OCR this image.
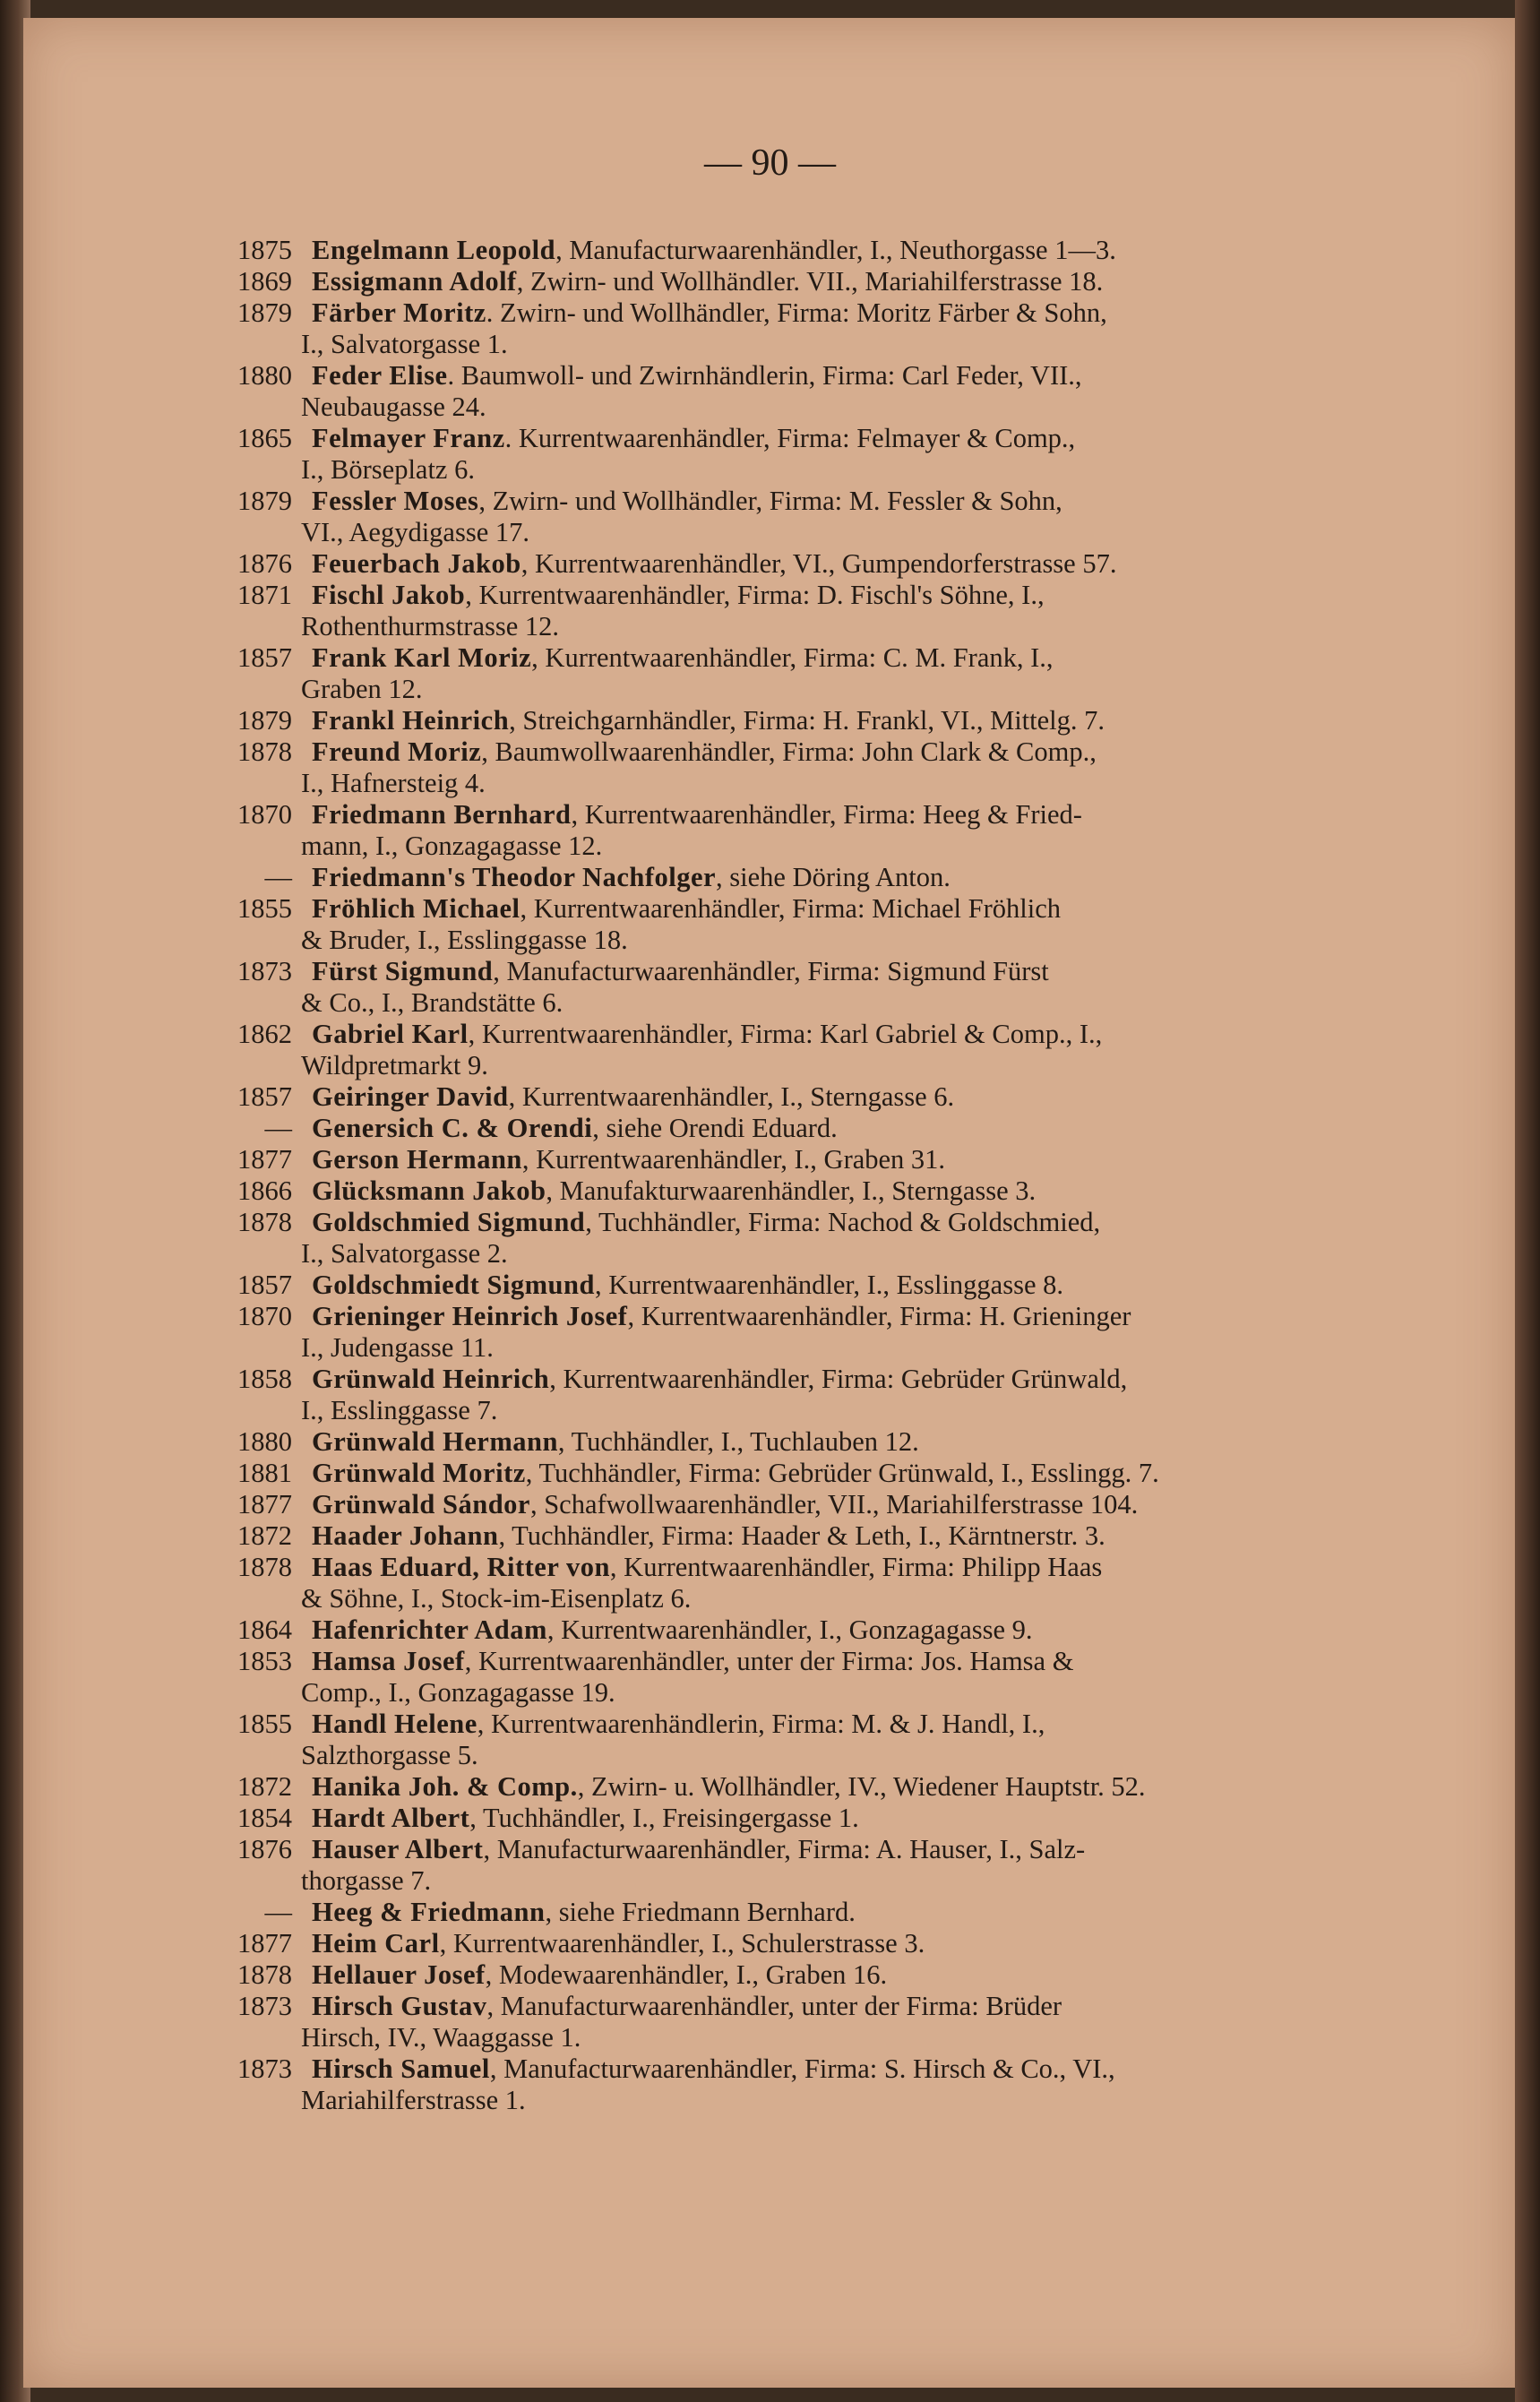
— 90 —
1875 Engelmann Leopold, Manufacturwaarenhändler, I., Neuthorgasse 1—3.
1869 Essigmann Adolf, Zwirn- und Wollhändler. VII., Mariahilferstrasse 18.
1879 Färber Moritz. Zwirn- und Wollhändler, Firma: Moritz Färber & Sohn,
I., Salvatorgasse 1.
1880 Feder Elise. Baumwoll- und Zwirnhändlerin, Firma: Carl Feder, VII.,
Neubaugasse 24.
1865 Felmayer Franz. Kurrentwaarenhändler, Firma: Felmayer & Comp.,
I., Börseplatz 6.
1879 Fessler Moses, Zwirn- und Wollhändler, Firma: M. Fessler & Sohn,
VI., Aegydigasse 17.
1876 Feuerbach Jakob, Kurrentwaarenhändler, VI., Gumpendorferstrasse 57.
1871 Fischl Jakob, Kurrentwaarenhändler, Firma: D. Fischl's Söhne, I.,
Rothenthurmstrasse 12.
1857 Frank Karl Moriz, Kurrentwaarenhändler, Firma: C. M. Frank, I.,
Graben 12.
1879 Frankl Heinrich, Streichgarnhändler, Firma: H. Frankl, VI., Mittelg. 7.
1878 Freund Moriz, Baumwollwaarenhändler, Firma: John Clark & Comp.,
I., Hafnersteig 4.
1870 Friedmann Bernhard, Kurrentwaarenhändler, Firma: Heeg & Fried-
mann, I., Gonzagagasse 12.
— Friedmann's Theodor Nachfolger, siehe Döring Anton.
1855 Fröhlich Michael, Kurrentwaarenhändler, Firma: Michael Fröhlich
& Bruder, I., Esslinggasse 18.
1873 Fürst Sigmund, Manufacturwaarenhändler, Firma: Sigmund Fürst
& Co., I., Brandstätte 6.
1862 Gabriel Karl, Kurrentwaarenhändler, Firma: Karl Gabriel & Comp., I.,
Wildpretmarkt 9.
1857 Geiringer David, Kurrentwaarenhändler, I., Sterngasse 6.
— Genersich C. & Orendi, siehe Orendi Eduard.
1877 Gerson Hermann, Kurrentwaarenhändler, I., Graben 31.
1866 Glücksmann Jakob, Manufakturwaarenhändler, I., Sterngasse 3.
1878 Goldschmied Sigmund, Tuchhändler, Firma: Nachod & Goldschmied,
I., Salvatorgasse 2.
1857 Goldschmiedt Sigmund, Kurrentwaarenhändler, I., Esslinggasse 8.
1870 Grieninger Heinrich Josef, Kurrentwaarenhändler, Firma: H. Grieninger
I., Judengasse 11.
1858 Grünwald Heinrich, Kurrentwaarenhändler, Firma: Gebrüder Grünwald,
I., Esslinggasse 7.
1880 Grünwald Hermann, Tuchhändler, I., Tuchlauben 12.
1881 Grünwald Moritz, Tuchhändler, Firma: Gebrüder Grünwald, I., Esslingg. 7.
1877 Grünwald Sándor, Schafwollwaarenhändler, VII., Mariahilferstrasse 104.
1872 Haader Johann, Tuchhändler, Firma: Haader & Leth, I., Kärntnerstr. 3.
1878 Haas Eduard, Ritter von, Kurrentwaarenhändler, Firma: Philipp Haas
& Söhne, I., Stock-im-Eisenplatz 6.
1864 Hafenrichter Adam, Kurrentwaarenhändler, I., Gonzagagasse 9.
1853 Hamsa Josef, Kurrentwaarenhändler, unter der Firma: Jos. Hamsa &
Comp., I., Gonzagagasse 19.
1855 Handl Helene, Kurrentwaarenhändlerin, Firma: M. & J. Handl, I.,
Salzthorgasse 5.
1872 Hanika Joh. & Comp., Zwirn- u. Wollhändler, IV., Wiedener Hauptstr. 52.
1854 Hardt Albert, Tuchhändler, I., Freisingergasse 1.
1876 Hauser Albert, Manufacturwaarenhändler, Firma: A. Hauser, I., Salz-
thorgasse 7.
— Heeg & Friedmann, siehe Friedmann Bernhard.
1877 Heim Carl, Kurrentwaarenhändler, I., Schulerstrasse 3.
1878 Hellauer Josef, Modewaarenhändler, I., Graben 16.
1873 Hirsch Gustav, Manufacturwaarenhändler, unter der Firma: Brüder
Hirsch, IV., Waaggasse 1.
1873 Hirsch Samuel, Manufacturwaarenhändler, Firma: S. Hirsch & Co., VI.,
Mariahilferstrasse 1.
